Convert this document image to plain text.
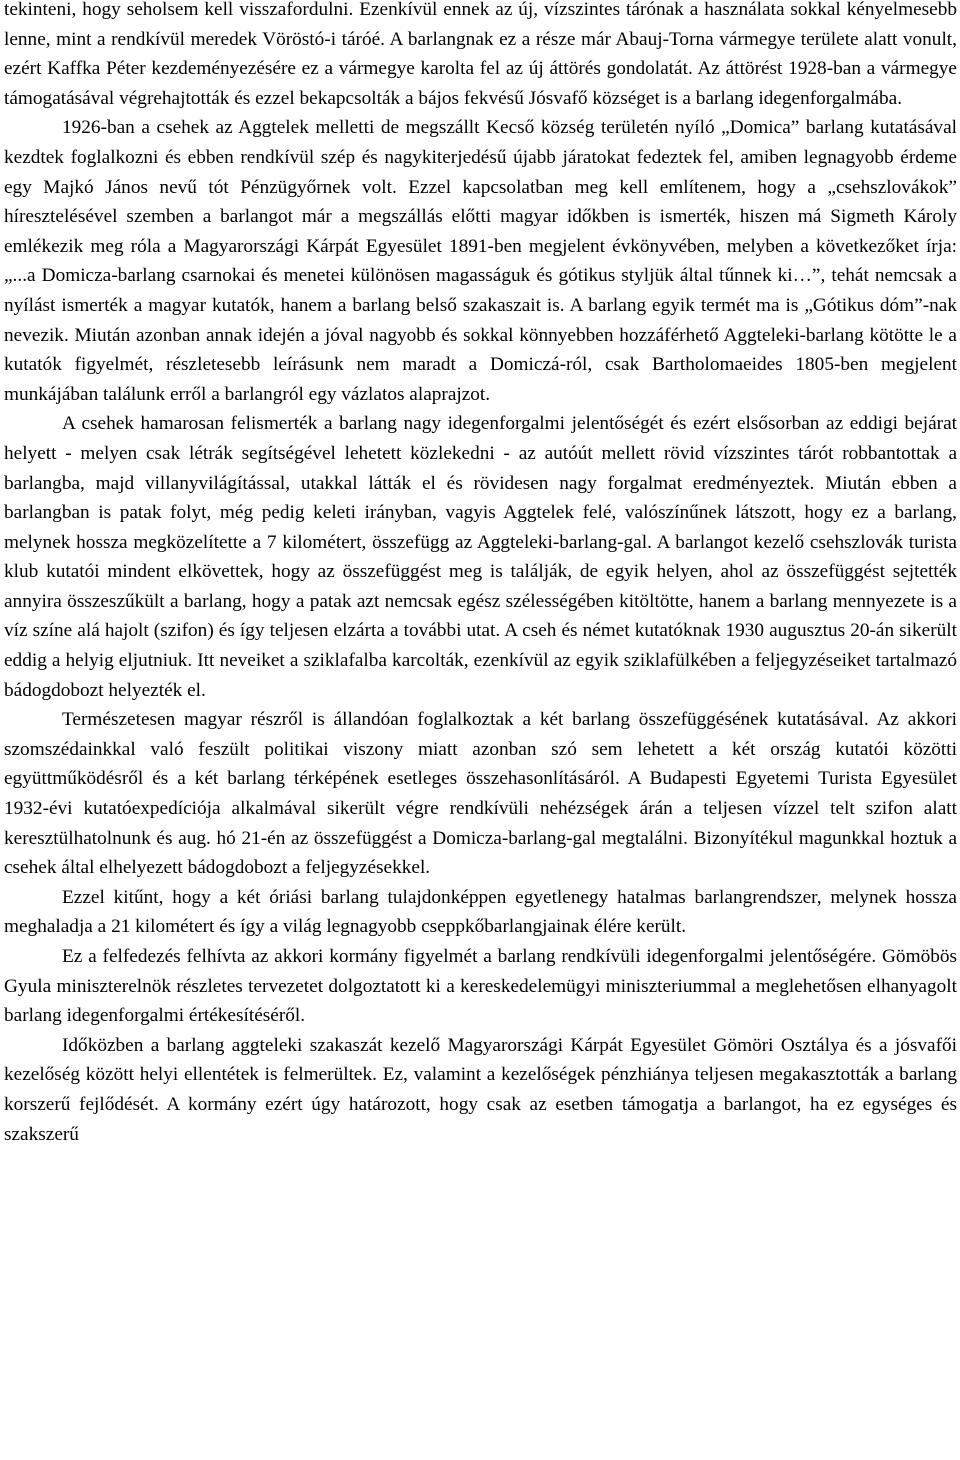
tekinteni, hogy seholsem kell visszafordulni. Ezenkívül ennek az új, vízszintes tárónak a használata sokkal kényelmesebb lenne, mint a rendkívül meredek Vöröstó-i táróé. A barlangnak ez a része már Abauj-Torna vármegye területe alatt vonult, ezért Kaffka Péter kezdeményezésére ez a vármegye karolta fel az új áttörés gondolatát. Az áttörést 1928-ban a vármegye támogatásával végrehajtották és ezzel bekapcsolták a bájos fekvésű Jósvafő községet is a barlang idegenforgalmába.

1926-ban a csehek az Aggtelek melletti de megszállt Kecső község területén nyíló „Domica” barlang kutatásával kezdtek foglalkozni és ebben rendkívül szép és nagykiterjedésű újabb járatokat fedeztek fel, amiben legnagyobb érdeme egy Majkó János nevű tót Pénzügyőrnek volt. Ezzel kapcsolatban meg kell említenem, hogy a „csehszlovákok” híresztelésével szemben a barlangot már a megszállás előtti magyar időkben is ismerték, hiszen má Sigmeth Károly emlékezik meg róla a Magyarországi Kárpát Egyesület 1891-ben megjelent évkönyvében, melyben a következőket írja: „...a Domicza-barlang csarnokai és menetei különösen magasságuk és gótikus styljük által tűnnek ki…”, tehát nemcsak a nyílást ismerték a magyar kutatók, hanem a barlang belső szakaszait is. A barlang egyik termét ma is „Gótikus dóm”-nak nevezik. Miután azonban annak idején a jóval nagyobb és sokkal könnyebben hozzáférhető Aggteleki-barlang kötötte le a kutatók figyelmét, részletesebb leírásunk nem maradt a Domiczá-ról, csak Bartholomaeides 1805-ben megjelent munkájában találunk erről a barlangról egy vázlatos alaprajzot.

A csehek hamarosan felismerték a barlang nagy idegenforgalmi jelentőségét és ezért elsősorban az eddigi bejárat helyett - melyen csak létrák segítségével lehetett közlekedni - az autóút mellett rövid vízszintes tárót robbantottak a barlangba, majd villanyvilágítással, utakkal látták el és rövidesen nagy forgalmat eredményeztek. Miután ebben a barlangban is patak folyt, még pedig keleti irányban, vagyis Aggtelek felé, valószínűnek látszott, hogy ez a barlang, melynek hossza megközelítette a 7 kilométert, összefügg az Aggteleki-barlang-gal. A barlangot kezelő csehszlovák turista klub kutatói mindent elkövettek, hogy az összefüggést meg is találják, de egyik helyen, ahol az összefüggést sejtették annyira összeszűkült a barlang, hogy a patak azt nemcsak egész szélességében kitöltötte, hanem a barlang mennyezete is a víz színe alá hajolt (szifon) és így teljesen elzárta a további utat. A cseh és német kutatóknak 1930 augusztus 20-án sikerült eddig a helyig eljutniuk. Itt neveiket a sziklafalba karcolták, ezenkívül az egyik sziklafülkében a feljegyzéseiket tartalmazó bádogdobozt helyezték el.

Természetesen magyar részről is állandóan foglalkoztak a két barlang összefüggésének kutatásával. Az akkori szomszédainkkal való feszült politikai viszony miatt azonban szó sem lehetett a két ország kutatói közötti együttműködésről és a két barlang térképének esetleges összehasonlításáról. A Budapesti Egyetemi Turista Egyesület 1932-évi kutatóexpedíciója alkalmával sikerült végre rendkívüli nehézségek árán a teljesen vízzel telt szifon alatt keresztülhatolnunk és aug. hó 21-én az összefüggést a Domicza-barlang-gal megtalálni. Bizonyítékul magunkkal hoztuk a csehek által elhelyezett bádogdobozt a feljegyzésekkel.

Ezzel kitűnt, hogy a két óriási barlang tulajdonképpen egyetlenegy hatalmas barlangrendszer, melynek hossza meghaladja a 21 kilométert és így a világ legnagyobb cseppkőbarlangjainak élére került.

Ez a felfedezés felhívta az akkori kormány figyelmét a barlang rendkívüli idegenforgalmi jelentőségére. Gömöbös Gyula miniszterelnök részletes tervezetet dolgoztatott ki a kereskedelemügyi miniszteriummal a meglehetősen elhanyagolt barlang idegenforgalmi értékesítéséről.

Időközben a barlang aggteleki szakaszát kezelő Magyarországi Kárpát Egyesület Gömöri Osztálya és a jósvafői kezelőség között helyi ellentétek is felmerültek. Ez, valamint a kezelőségek pénzhiánya teljesen megakasztották a barlang korszerű fejlődését. A kormány ezért úgy határozott, hogy csak az esetben támogatja a barlangot, ha ez egységes és szakszerű
